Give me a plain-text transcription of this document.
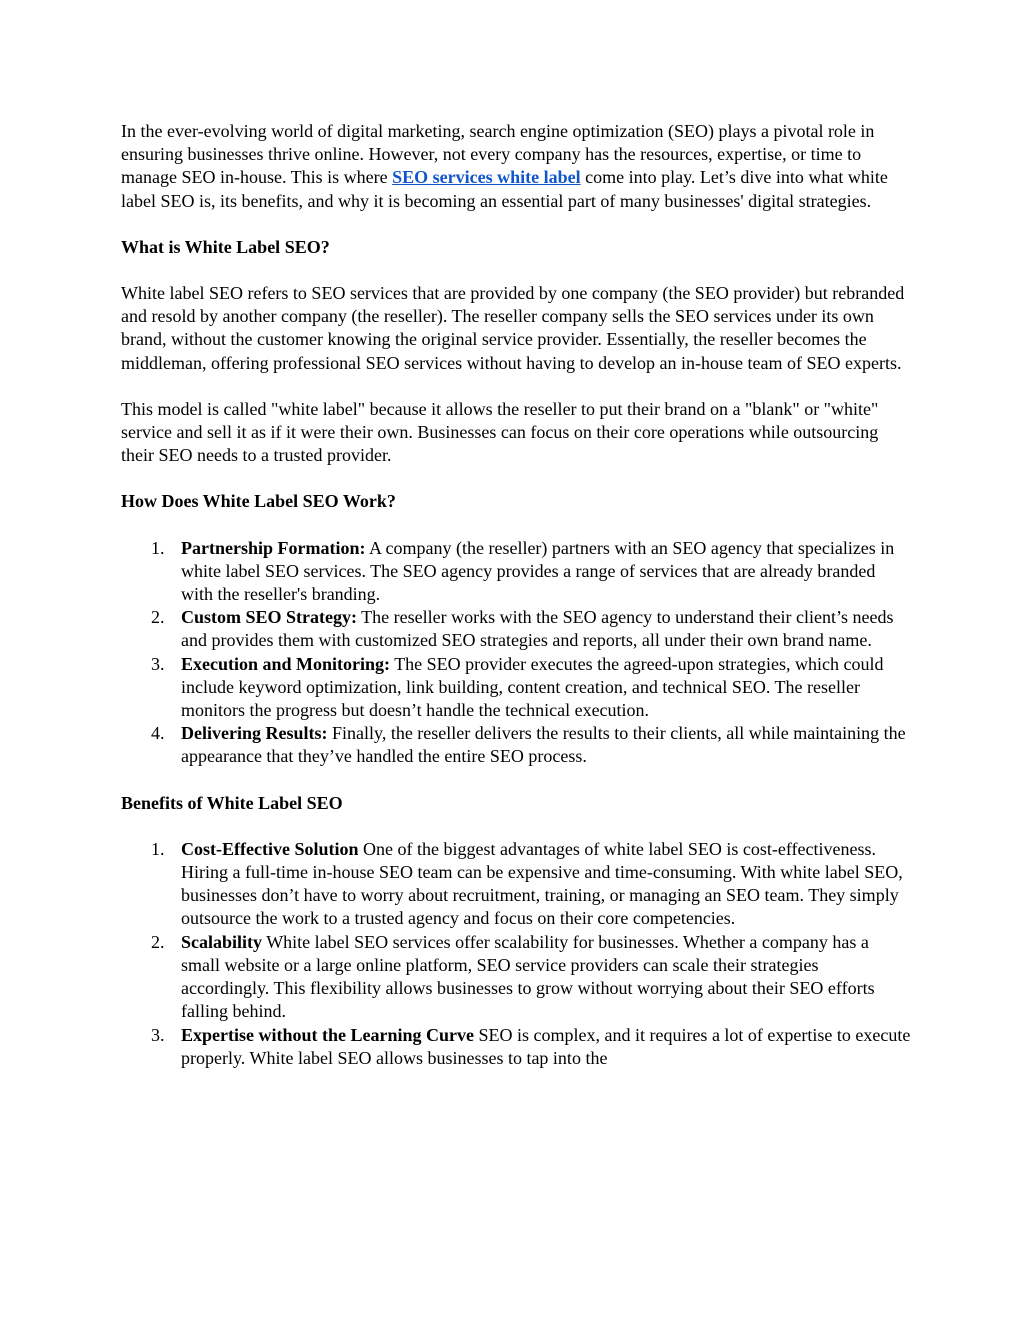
In the ever-evolving world of digital marketing, search engine optimization (SEO) plays a pivotal role in ensuring businesses thrive online. However, not every company has the resources, expertise, or time to manage SEO in-house. This is where SEO services white label come into play. Let’s dive into what white label SEO is, its benefits, and why it is becoming an essential part of many businesses' digital strategies.

What is White Label SEO?

White label SEO refers to SEO services that are provided by one company (the SEO provider) but rebranded and resold by another company (the reseller). The reseller company sells the SEO services under its own brand, without the customer knowing the original service provider. Essentially, the reseller becomes the middleman, offering professional SEO services without having to develop an in-house team of SEO experts.

This model is called "white label" because it allows the reseller to put their brand on a "blank" or "white" service and sell it as if it were their own. Businesses can focus on their core operations while outsourcing their SEO needs to a trusted provider.

How Does White Label SEO Work?
1. Partnership Formation: A company (the reseller) partners with an SEO agency that specializes in white label SEO services. The SEO agency provides a range of services that are already branded with the reseller's branding.
2. Custom SEO Strategy: The reseller works with the SEO agency to understand their client’s needs and provides them with customized SEO strategies and reports, all under their own brand name.
3. Execution and Monitoring: The SEO provider executes the agreed-upon strategies, which could include keyword optimization, link building, content creation, and technical SEO. The reseller monitors the progress but doesn’t handle the technical execution.
4. Delivering Results: Finally, the reseller delivers the results to their clients, all while maintaining the appearance that they’ve handled the entire SEO process.
Benefits of White Label SEO
1. Cost-Effective Solution One of the biggest advantages of white label SEO is cost-effectiveness. Hiring a full-time in-house SEO team can be expensive and time-consuming. With white label SEO, businesses don’t have to worry about recruitment, training, or managing an SEO team. They simply outsource the work to a trusted agency and focus on their core competencies.
2. Scalability White label SEO services offer scalability for businesses. Whether a company has a small website or a large online platform, SEO service providers can scale their strategies accordingly. This flexibility allows businesses to grow without worrying about their SEO efforts falling behind.
3. Expertise without the Learning Curve SEO is complex, and it requires a lot of expertise to execute properly. White label SEO allows businesses to tap into the
